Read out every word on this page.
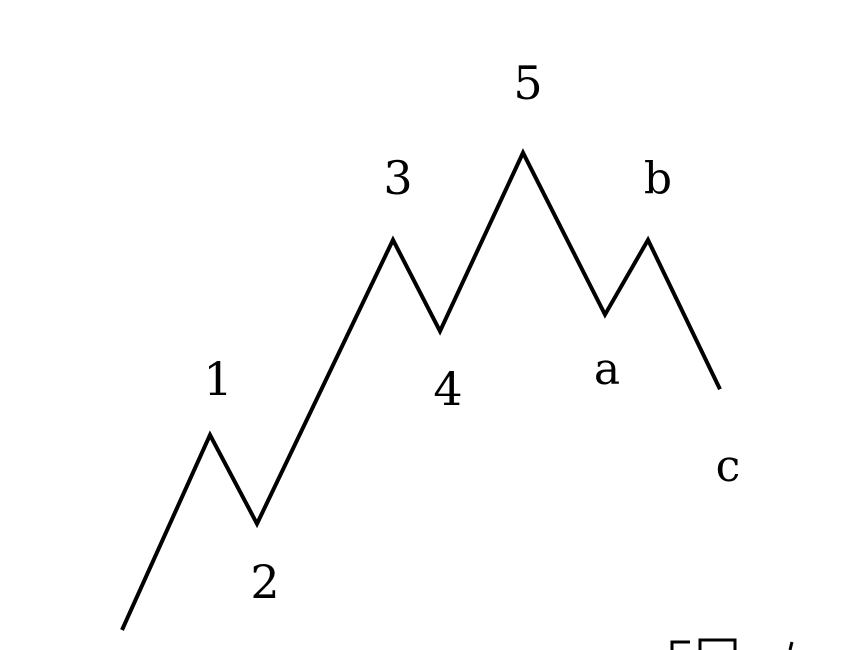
1
2
3
4
5
a
b
c
